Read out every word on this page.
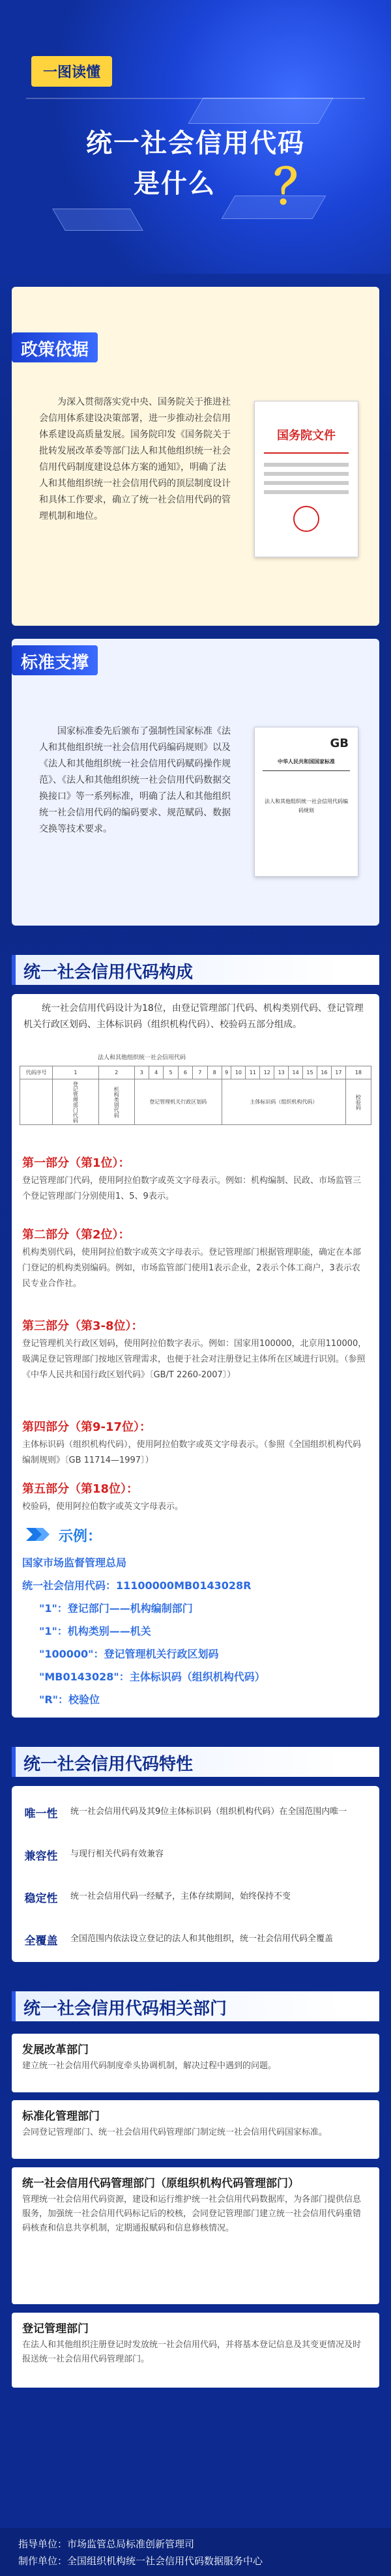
一图读懂
统一社会信用代码
是什么 ？
政策依据
为深入贯彻落实党中央、国务院关于推进社会信用体系建设决策部署，进一步推动社会信用体系建设高质量发展。国务院印发《国务院关于批转发展改革委等部门法人和其他组织统一社会信用代码制度建设总体方案的通知》，明确了法人和其他组织统一社会信用代码的顶层制度设计和具体工作要求，确立了统一社会信用代码的管理机制和地位。
国务院文件
标准支撑
国家标准委先后颁布了强制性国家标准《法人和其他组织统一社会信用代码编码规则》以及《法人和其他组织统一社会信用代码赋码操作规范》、《法人和其他组织统一社会信用代码数据交换接口》等一系列标准，明确了法人和其他组织统一社会信用代码的编码要求、规范赋码、数据交换等技术要求。
GB
中华人民共和国国家标准
法人和其他组织统一社会信用代码编码规则
统一社会信用代码构成
统一社会信用代码设计为18位，由登记管理部门代码、机构类别代码、登记管理机关行政区划码、主体标识码（组织机构代码）、校验码五部分组成。
法人和其他组织统一社会信用代码
代码序号	1	2	3	4	5	6	7	8	9	10	11	12	13	14	15	16	17	18
	登记管理部门代码	机构类别代码	登记管理机关行政区划码						主体标识码（组织机构代码）									校验码
第一部分（第1位）：
登记管理部门代码，使用阿拉伯数字或英文字母表示。例如：机构编制、民政、市场监管三个登记管理部门分别使用1、5、9表示。
第二部分（第2位）：
机构类别代码，使用阿拉伯数字或英文字母表示。登记管理部门根据管理职能，确定在本部门登记的机构类别编码。例如，市场监管部门使用1表示企业，2表示个体工商户，3表示农民专业合作社。
第三部分（第3-8位）：
登记管理机关行政区划码，使用阿拉伯数字表示。例如：国家用100000，北京用110000，吸满足登记管理部门按地区管理需求，也便于社会对注册登记主体所在区域进行识别。（参照《中华人民共和国行政区划代码》〔GB/T 2260-2007〕）
第四部分（第9-17位）：
主体标识码（组织机构代码），使用阿拉伯数字或英文字母表示。（参照《全国组织机构代码编制规则》〔GB 11714—1997〕）
第五部分（第18位）：
校验码，使用阿拉伯数字或英文字母表示。
示例：
国家市场监督管理总局
统一社会信用代码：11100000MB0143028R
"1"：登记部门——机构编制部门
"1"：机构类别——机关
"100000"：登记管理机关行政区划码
"MB0143028"：主体标识码（组织机构代码）
"R"：校验位
统一社会信用代码特性
唯一性	统一社会信用代码及其9位主体标识码（组织机构代码）在全国范围内唯一
兼容性	与现行相关代码有效兼容
稳定性	统一社会信用代码一经赋予，主体存续期间，始终保持不变
全覆盖	全国范围内依法设立登记的法人和其他组织，统一社会信用代码全覆盖
统一社会信用代码相关部门
发展改革部门
建立统一社会信用代码制度牵头协调机制，解决过程中遇到的问题。
标准化管理部门
会同登记管理部门、统一社会信用代码管理部门制定统一社会信用代码国家标准。
统一社会信用代码管理部门（原组织机构代码管理部门）
管理统一社会信用代码资源，建设和运行维护统一社会信用代码数据库，为各部门提供信息服务，加强统一社会信用代码标记后的校核，会同登记管理部门建立统一社会信用代码重错码核查和信息共享机制，定期通报赋码和信息修核情况。
登记管理部门
在法人和其他组织注册登记时发放统一社会信用代码，并将基本登记信息及其变更情况及时报送统一社会信用代码管理部门。
指导单位：市场监管总局标准创新管理司
制作单位：全国组织机构统一社会信用代码数据服务中心
